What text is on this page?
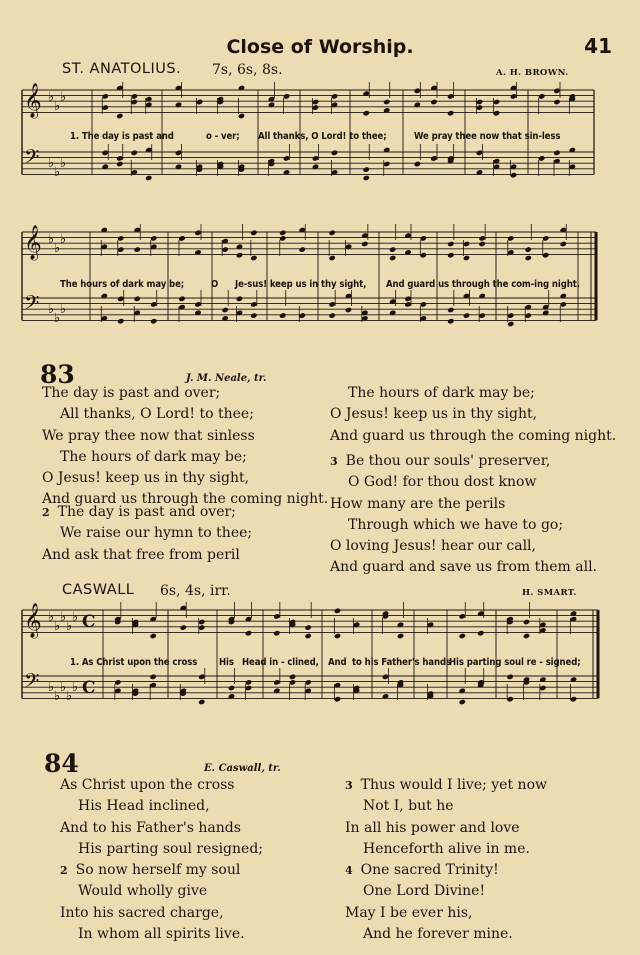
Close of Worship.	41
ST. ANATOLIUS. 7s, 6s, 8s.	A. H. BROWN.
𝄞 ♭
♭
♭
𝄢 ♭
♭
♭
𝄞 ♭
♭
♭
𝄢 ♭
♭
♭
𝄞 ♭
♭
♭
♭
♭ C
𝄢 ♭
♭
♭
♭
♭ C
1. The day is past and	o - ver; All thanks, O Lord! to thee;	We pray thee now that sin-less
The hours of dark may be;	O Je-sus! keep us in thy sight, And guard us through the com-ing night.
83	J. M. Neale, tr.
The day is past and over;
All thanks, O Lord! to thee;
We pray thee now that sinless
The hours of dark may be;
O Jesus! keep us in thy sight,
And guard us through the coming night.
2 The day is past and over;
We raise our hymn to thee;
And ask that free from peril
The hours of dark may be;
O Jesus! keep us in thy sight,
And guard us through the coming night.
3 Be thou our souls' preserver,
O God! for thou dost know
How many are the perils
Through which we have to go;
O loving Jesus! hear our call,
And guard and save us from them all.
CASWALL 6s, 4s, irr.	H. SMART.
1. As Christ upon the cross His Head in - clined, And to his Father's hands
His parting soul re - signed;
84	E. Caswall, tr.
As Christ upon the cross
His Head inclined,
And to his Father's hands
His parting soul resigned;
2 So now herself my soul
Would wholly give
Into his sacred charge,
In whom all spirits live.
3 Thus would I live; yet now
Not I, but he
In all his power and love
Henceforth alive in me.
4 One sacred Trinity!
One Lord Divine!
May I be ever his,
And he forever mine.
